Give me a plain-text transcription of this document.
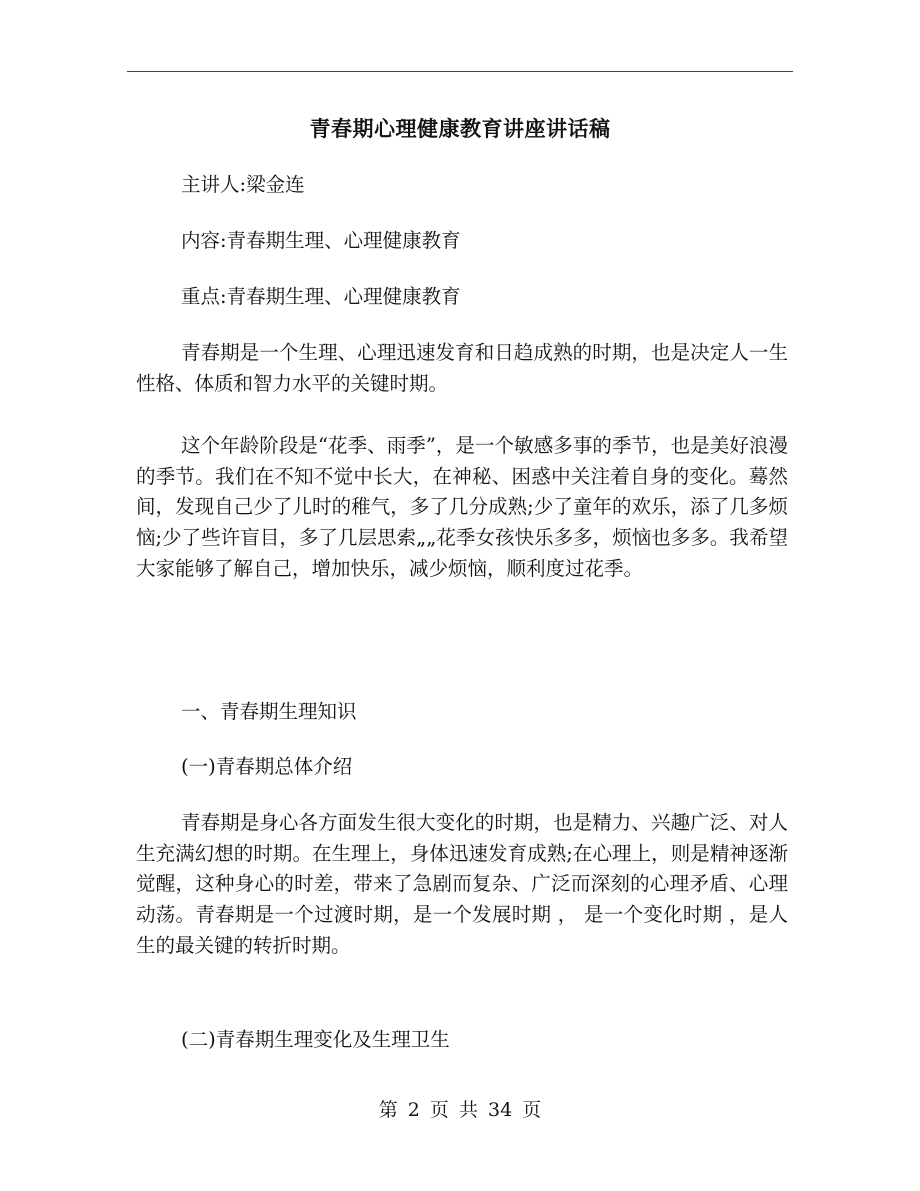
青春期心理健康教育讲座讲话稿

主讲人:梁金连

内容:青春期生理、心理健康教育

重点:青春期生理、心理健康教育

青春期是一个生理、心理迅速发育和日趋成熟的时期，也是决定人一生性格、体质和智力水平的关键时期。

这个年龄阶段是“花季、雨季”，是一个敏感多事的季节，也是美好浪漫的季节。我们在不知不觉中长大，在神秘、困惑中关注着自身的变化。蓦然间，发现自己少了儿时的稚气，多了几分成熟;少了童年的欢乐，添了几多烦恼;少了些许盲目，多了几层思索„„花季女孩快乐多多，烦恼也多多。我希望大家能够了解自己，增加快乐，减少烦恼，顺利度过花季。

一、青春期生理知识

(一)青春期总体介绍

青春期是身心各方面发生很大变化的时期，也是精力、兴趣广泛、对人生充满幻想的时期。在生理上，身体迅速发育成熟;在心理上，则是精神逐渐觉醒，这种身心的时差，带来了急剧而复杂、广泛而深刻的心理矛盾、心理动荡。青春期是一个过渡时期，是一个发展时期 ， 是一个变化时期 ，是人 生的最关键的转折时期。

(二)青春期生理变化及生理卫生

第 2 页 共 34 页
